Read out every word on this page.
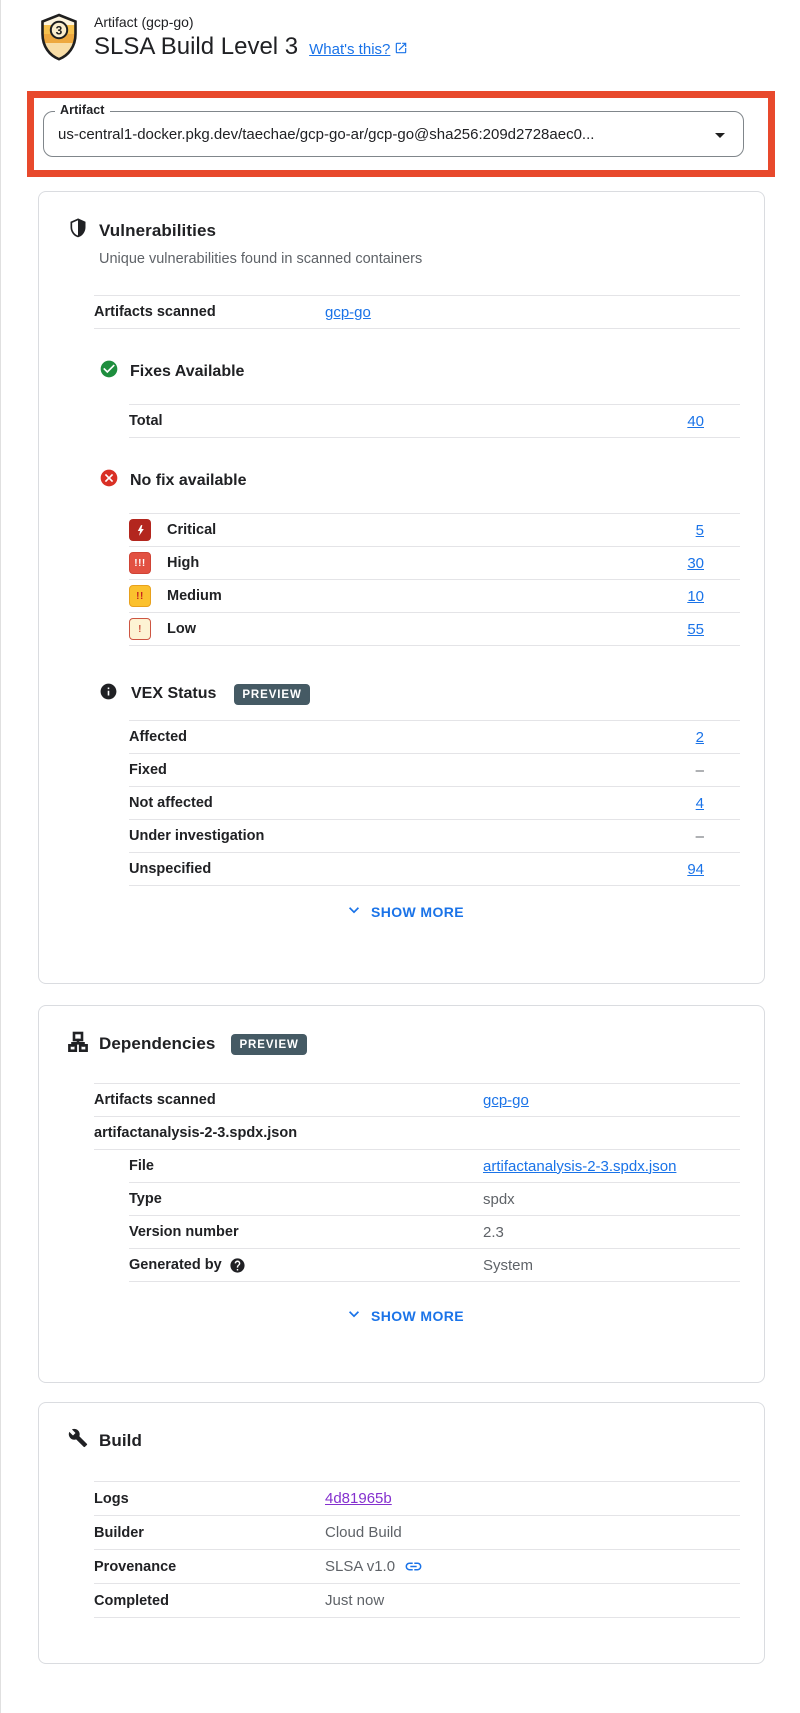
3
Artifact (gcp-go)
SLSA Build Level 3 What's this?
Artifact
us-central1-docker.pkg.dev/taechae/gcp-go-ar/gcp-go@sha256:209d2728aec0...
Vulnerabilities
Unique vulnerabilities found in scanned containers
Artifacts scanned	gcp-go
Fixes Available
Total	40
No fix available
Critical	5
!!!	High	30
!!	Medium	10
!	Low	55
VEX Status	PREVIEW
Affected	2
Fixed	–
Not affected	4
Under investigation	–
Unspecified	94
SHOW MORE
Dependencies	PREVIEW
Artifacts scanned	gcp-go
artifactanalysis-2-3.spdx.json
File	artifactanalysis-2-3.spdx.json
Type	spdx
Version number	2.3
Generated by	System
SHOW MORE
Build
Logs	4d81965b
Builder	Cloud Build
Provenance	SLSA v1.0
Completed	Just now
